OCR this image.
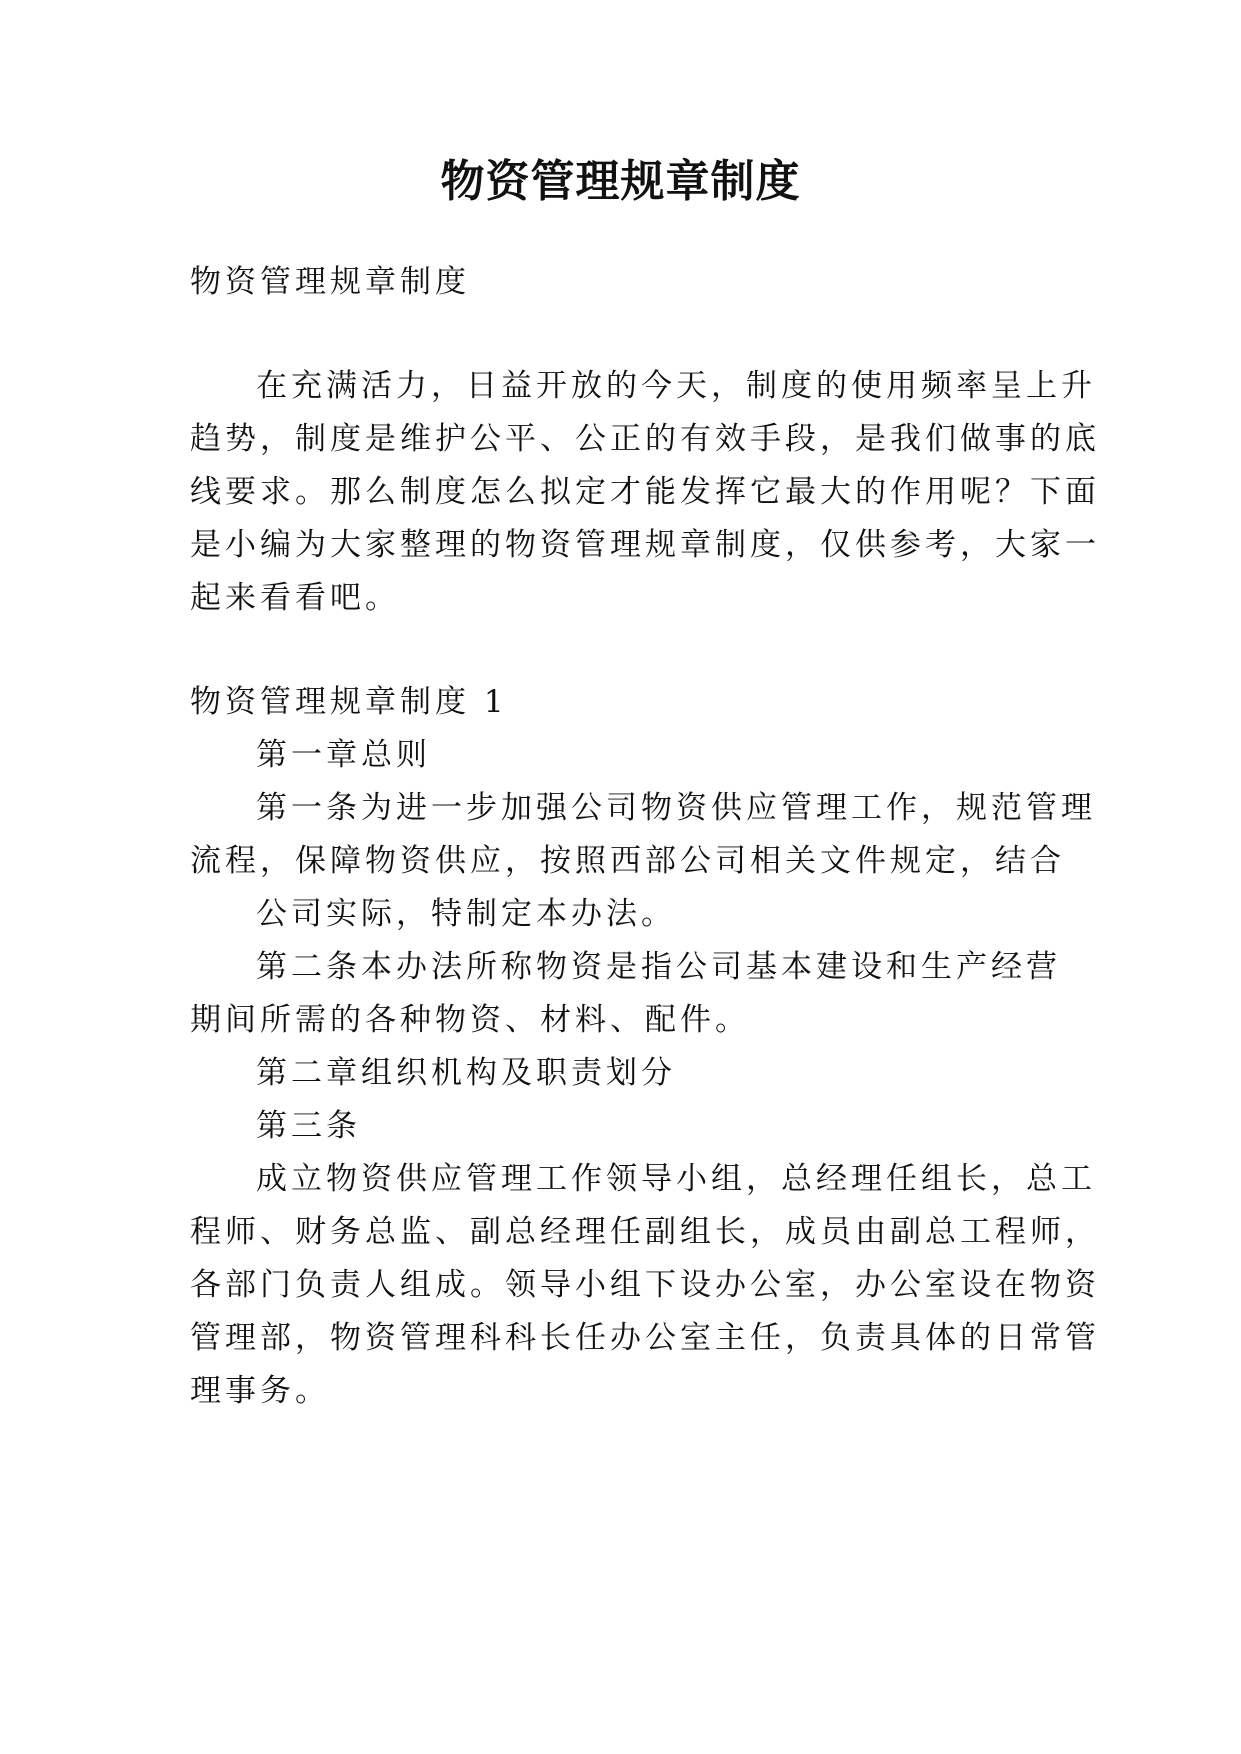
物资管理规章制度
物资管理规章制度
在充满活力，日益开放的今天，制度的使用频率呈上升
趋势，制度是维护公平、公正的有效手段，是我们做事的底
线要求。那么制度怎么拟定才能发挥它最大的作用呢？下面
是小编为大家整理的物资管理规章制度，仅供参考，大家一
起来看看吧。
物资管理规章制度 1
第一章总则
第一条为进一步加强公司物资供应管理工作，规范管理
流程，保障物资供应，按照西部公司相关文件规定，结合
公司实际，特制定本办法。
第二条本办法所称物资是指公司基本建设和生产经营
期间所需的各种物资、材料、配件。
第二章组织机构及职责划分
第三条
成立物资供应管理工作领导小组，总经理任组长，总工
程师、财务总监、副总经理任副组长，成员由副总工程师，
各部门负责人组成。领导小组下设办公室，办公室设在物资
管理部，物资管理科科长任办公室主任，负责具体的日常管
理事务。
